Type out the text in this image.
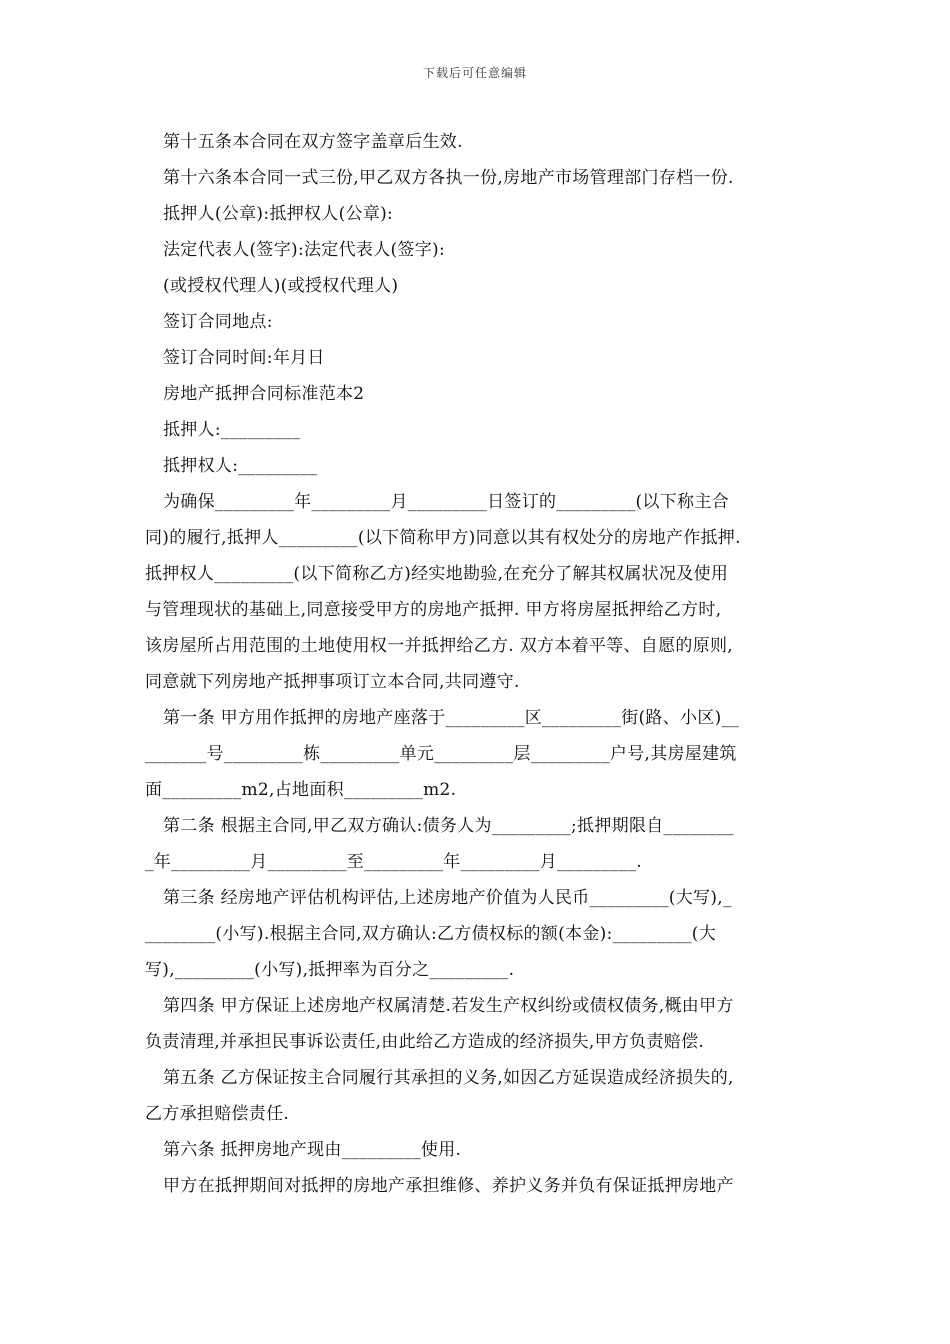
下载后可任意编辑
第十五条本合同在双方签字盖章后生效.
第十六条本合同一式三份,甲乙双方各执一份,房地产市场管理部门存档一份.
抵押人(公章):抵押权人(公章):
法定代表人(签字):法定代表人(签字):
(或授权代理人)(或授权代理人)
签订合同地点:
签订合同时间:年月日
房地产抵押合同标准范本2
抵押人:_________
抵押权人:_________
为确保_________年_________月_________日签订的_________(以下称主合
同)的履行,抵押人_________(以下简称甲方)同意以其有权处分的房地产作抵押.
抵押权人_________(以下简称乙方)经实地勘验,在充分了解其权属状况及使用
与管理现状的基础上,同意接受甲方的房地产抵押. 甲方将房屋抵押给乙方时,
该房屋所占用范围的土地使用权一并抵押给乙方. 双方本着平等、自愿的原则,
同意就下列房地产抵押事项订立本合同,共同遵守.
第一条 甲方用作抵押的房地产座落于_________区_________街(路、小区)__
_______号_________栋_________单元_________层_________户号,其房屋建筑
面_________m2,占地面积_________m2.
第二条 根据主合同,甲乙双方确认:债务人为_________;抵押期限自________
_年_________月_________至_________年_________月_________.
第三条 经房地产评估机构评估,上述房地产价值为人民币_________(大写),_
________(小写).根据主合同,双方确认:乙方债权标的额(本金):_________(大
写),_________(小写),抵押率为百分之_________.
第四条 甲方保证上述房地产权属清楚.若发生产权纠纷或债权债务,概由甲方
负责清理,并承担民事诉讼责任,由此给乙方造成的经济损失,甲方负责赔偿.
第五条 乙方保证按主合同履行其承担的义务,如因乙方延误造成经济损失的,
乙方承担赔偿责任.
第六条 抵押房地产现由_________使用.
甲方在抵押期间对抵押的房地产承担维修、养护义务并负有保证抵押房地产
